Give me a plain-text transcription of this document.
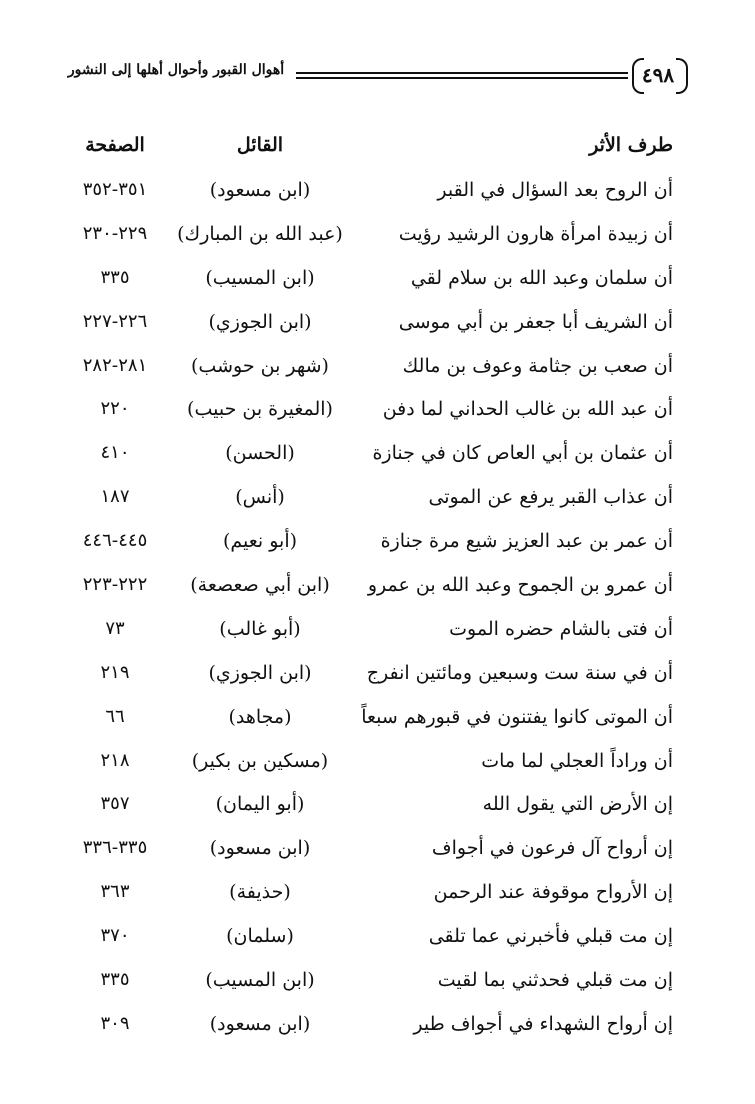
٤٩٨
أهوال القبور وأحوال أهلها إلى النشور
طرف الأثر
القائل
الصفحة
أن الروح بعد السؤال في القبر
(ابن مسعود)
٣٥١-٣٥٢
أن زبيدة امرأة هارون الرشيد رؤيت
(عبد الله بن المبارك)
٢٢٩-٢٣٠
أن سلمان وعبد الله بن سلام لقي
(ابن المسيب)
٣٣٥
أن الشريف أبا جعفر بن أبي موسى
(ابن الجوزي)
٢٢٦-٢٢٧
أن صعب بن جثامة وعوف بن مالك
(شهر بن حوشب)
٢٨١-٢٨٢
أن عبد الله بن غالب الحداني لما دفن
(المغيرة بن حبيب)
٢٢٠
أن عثمان بن أبي العاص كان في جنازة
(الحسن)
٤١٠
أن عذاب القبر يرفع عن الموتى
(أنس)
١٨٧
أن عمر بن عبد العزيز شيع مرة جنازة
(أبو نعيم)
٤٤٥-٤٤٦
أن عمرو بن الجموح وعبد الله بن عمرو
(ابن أبي صعصعة)
٢٢٢-٢٢٣
أن فتى بالشام حضره الموت
(أبو غالب)
٧٣
أن في سنة ست وسبعين ومائتين انفرج
(ابن الجوزي)
٢١٩
أن الموتى كانوا يفتنون في قبورهم سبعاً
(مجاهد)
٦٦
أن وراداً العجلي لما مات
(مسكين بن بكير)
٢١٨
إن الأرض التي يقول الله
(أبو اليمان)
٣٥٧
إن أرواح آل فرعون في أجواف
(ابن مسعود)
٣٣٥-٣٣٦
إن الأرواح موقوفة عند الرحمن
(حذيفة)
٣٦٣
إن مت قبلي فأخبرني عما تلقى
(سلمان)
٣٧٠
إن مت قبلي فحدثني بما لقيت
(ابن المسيب)
٣٣٥
إن أرواح الشهداء في أجواف طير
(ابن مسعود)
٣٠٩
